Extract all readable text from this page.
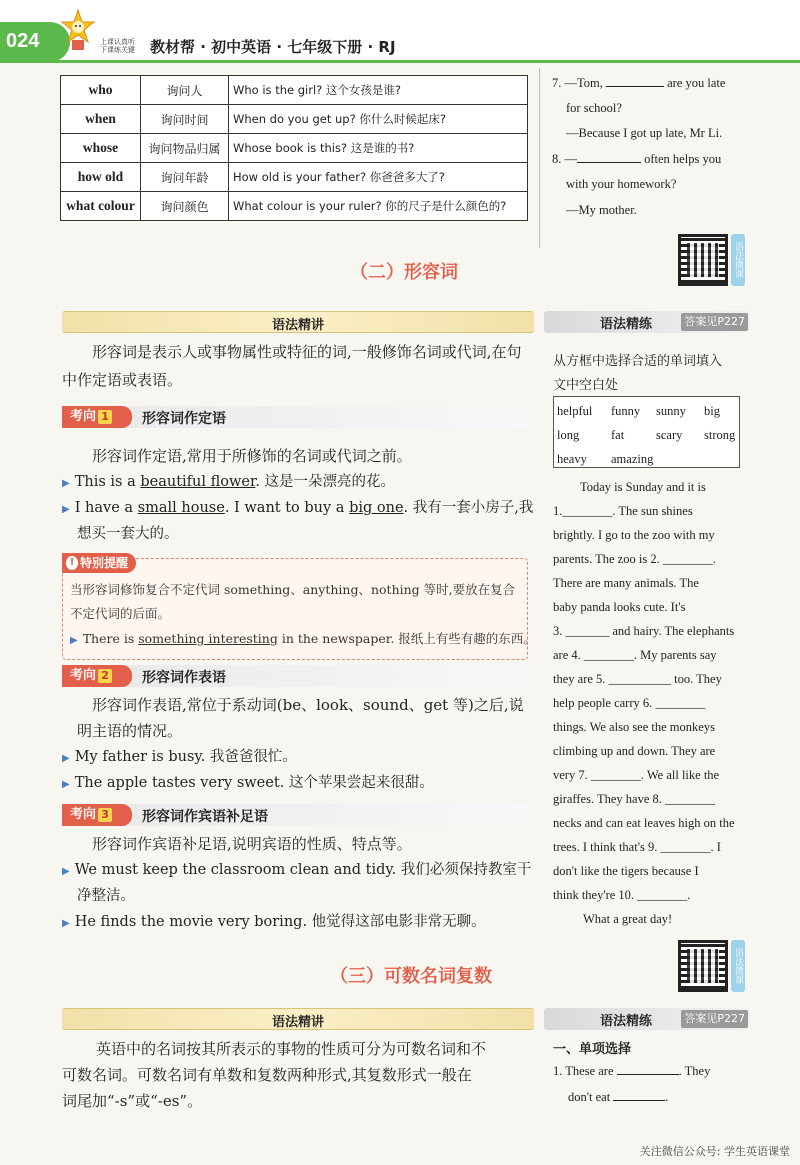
024	上课认真听
下课练关键 教材帮 · 初中英语 · 七年级下册 · RJ
who	询问人	Who is the girl? 这个女孩是谁?
when	询问时间	When do you get up? 你什么时候起床?
whose	询问物品归属	Whose book is this? 这是谁的书?
how old	询问年龄	How old is your father? 你爸爸多大了?
what colour	询问颜色	What colour is your ruler? 你的尺子是什么颜色的?
7. —Tom,	are you late
for school?
—Because I got up late, Mr Li.
8. —	often helps you
with your homework?
—My mother.
语法微课
（二）形容词
语法精讲	语法精练	答案见P227
形容词是表示人或事物属性或特征的词,一般修饰名词或代词,在句中作定语或表语。
考向 1	形容词作定语
形容词作定语,常用于所修饰的名词或代词之前。
▶ This is a beautiful flower. 这是一朵漂亮的花。
▶ I have a small house. I want to buy a big one. 我有一套小房子,我
想买一套大的。
特别提醒
!
当形容词修饰复合不定代词 something、anything、nothing 等时,要放在复合
不定代词的后面。
▶ There is something interesting in the newspaper. 报纸上有些有趣的东西。
考向 2	形容词作表语
形容词作表语,常位于系动词(be、look、sound、get 等)之后,说
明主语的情况。
▶ My father is busy. 我爸爸很忙。
▶ The apple tastes very sweet. 这个苹果尝起来很甜。
考向 3	形容词作宾语补足语
形容词作宾语补足语,说明宾语的性质、特点等。
▶ We must keep the classroom clean and tidy. 我们必须保持教室干
净整洁。
▶ He finds the movie very boring. 他觉得这部电影非常无聊。
从方框中选择合适的单词填入
文中空白处
helpful funny sunny big
long	fat	scary strong
heavy amazing
Today is Sunday and it is
1.________. The sun shines
brightly. I go to the zoo with my
parents. The zoo is 2. ________.
There are many animals. The
baby panda looks cute. It's
3. _______ and hairy. The elephants
are 4. ________. My parents say
they are 5. __________ too. They
help people carry 6. ________
things. We also see the monkeys
climbing up and down. They are
very 7. ________. We all like the
giraffes. They have 8. ________
necks and can eat leaves high on the
trees. I think that's 9. ________. I
don't like the tigers because I
think they're 10. ________.
What a great day!
语法微课
（三）可数名词复数
语法精讲	语法精练	答案见P227
英语中的名词按其所表示的事物的性质可分为可数名词和不
可数名词。可数名词有单数和复数两种形式,其复数形式一般在
词尾加“-s”或“-es”。
一、单项选择
1. These are	. They
don't eat	.
关注微信公众号: 学生英语课堂
